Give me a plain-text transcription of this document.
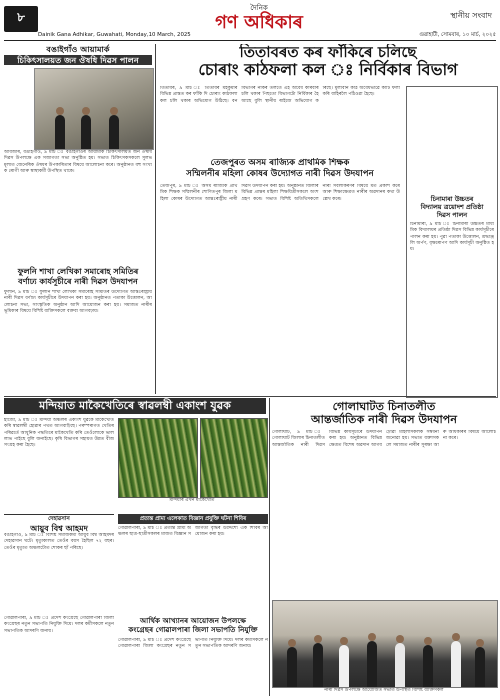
৮
দৈনিক
গণ অধিকাৰ	স্থানীয় সংবাদ
Dainik Gana Adhikar, Guwahati, Monday,10 March, 2025	গুৱাহাটী, সোমবাৰ, ১০ মাৰ্চ, ২০২৫
বঙাইগাঁও আয়ামাৰ্ক
চিকিৎসালয়ত জন ঔষধি দিৱস পালন
আবজাৰ, বঙাইগাঁও, ৯ মাৰ্চ ঃ বঙাইগাঁওৰ আয়ামাৰ্ক চিকিৎসালয়ত জন ঔষধি দিৱস উপলক্ষে এক সজাগতা সভা অনুষ্ঠিত হয়। সভাত চিকিৎসকসকলে সুলভ মূল্যত জেনেৰিক ঔষধৰ উপকাৰিতাৰ বিষয়ে আলোচনা কৰে। অনুষ্ঠানত বহু সংখ্যক ৰোগী আৰু স্বাস্থ্যকৰ্মী উপস্থিত থাকে।
ফুলনি শাখা লেখিকা সমাৰোহ সমিতিৰ
বৰ্ণাঢ্য কাৰ্যসূচীৰে নাৰী দিৱস উদযাপন
ফুলনি, ৯ মাৰ্চ ঃ ফুলনি শাখা লেখিকা সমাৰোহ সমিতিৰ উদ্যোগত আন্তঃৰাষ্ট্ৰীয় নাৰী দিৱস বৰ্ণাঢ্য কাৰ্যসূচীৰে উদযাপন কৰা হয়। অনুষ্ঠানত পতাকা উত্তোলন, আলোচনা সভা, সাংস্কৃতিক অনুষ্ঠান আদি আয়োজন কৰা হয়। সমাজত নাৰীৰ ভূমিকাৰ বিষয়ে বিশিষ্ট ব্যক্তিসকলে বক্তব্য আগবঢ়ায়।
তিতাবৰত কৰ ফাঁকিৰে চলিছে
চোৰাং কাঠফলা কল ঃ নিৰ্বিকাৰ বিভাগ
তিতাবৰ, ৯ মাৰ্চ ঃ তিতাবৰ মহকুমাৰ বিভিন্ন প্ৰান্তত কৰ ফাঁকি দি চোৰাং কাঠফলা কল চলি থকাৰ অভিযোগ উঠিছে। বন বিভাগৰ নাকৰ তলতে এই অবৈধ কাৰবাৰ চলি থকাৰ পিছতো বিভাগটো নিৰ্বিকাৰ হৈ আছে বুলি স্থানীয় ৰাইজে অভিযোগ কৰিছে। মূল্যবান কাঠ অবৈধভাৱে কাটি ফলা কৰি বাহিৰলৈ পঠিওৱা হৈছে।
তেজপুৰত অসম ৰাজ্যিক প্ৰাথমিক শিক্ষক
সম্মিলনীৰ মহিলা কোষৰ উদ্যোগত নাৰী দিৱস উদযাপন
তেজপুৰ, ৯ মাৰ্চ ঃ অসম ৰাজ্যিক প্ৰাথমিক শিক্ষক সম্মিলনীৰ শোণিতপুৰ জিলা মহিলা কোষৰ উদ্যোগত আন্তঃৰাষ্ট্ৰীয় নাৰী দিৱস উদযাপন কৰা হয়। অনুষ্ঠানত জিলাৰ বিভিন্ন প্ৰান্তৰ মহিলা শিক্ষয়িত্ৰীসকলে অংশগ্ৰহণ কৰে। সভাত বিশিষ্ট অতিথিসকলে নাৰী সবলীকৰণৰ বিষয়ে মত প্ৰকাশ কৰে আৰু শিক্ষাক্ষেত্ৰত নাৰীৰ অৱদানৰ কথা উল্লেখ কৰে।	চিনামাৰা উচ্চতৰ
বিদ্যালয় ত্ৰয়োদশ প্ৰতিষ্ঠা
দিৱস পালন
চিনামাৰা, ৯ মাৰ্চ ঃ চিনামাৰা উচ্চতৰ মাধ্যমিক বিদ্যালয়ৰ প্ৰতিষ্ঠা দিৱস বিভিন্ন কাৰ্যসূচীৰে পালন কৰা হয়। পুৱা পতাকা উত্তোলন, শ্ৰদ্ধাঞ্জলি অৰ্পণ, বৃক্ষৰোপণ আদি কাৰ্যসূচী অনুষ্ঠিত হয়।
মন্দিয়াত মাকৈখেতিৰে স্বাৱলম্বী একাংশ যুৱক
হাজো, ৯ মাৰ্চ ঃ মন্দিয়া অঞ্চলৰ একাংশ যুৱকে মাকৈখেতি কৰি স্বাৱলম্বী হোৱাৰ পথত আগবাঢ়িছে। পৰম্পৰাগত খেতিৰ পৰিৱৰ্তে আধুনিক পদ্ধতিৰে মাকৈখেতি কৰি তেওঁলোকে ভাল লাভ পাইছে বুলি জনাইছে। কৃষি বিভাগৰ সহায়ত উন্নত বীজ সংগ্ৰহ কৰা হৈছে।
মন্দিয়াৰ এখন মাকৈখেতি
দেহাৱসান
আয়ুব বিশ্ব আহমদ
বঙাইগাঁও, ৯ মাৰ্চ ঃ বিশিষ্ট সমাজকৰ্মী আয়ুব বিশ্ব আহমদৰ দেহাৱসান ঘটে। মৃত্যুকালত তেওঁৰ বয়স হৈছিল ৭২ বছৰ। তেওঁৰ মৃত্যুত অঞ্চলটোত শোকৰ ছাঁ পৰিছে।
প্ৰত্যন্ত প্ৰাম্য এলেকাত বিজ্ঞান প্ৰযুক্তি ঘটনা শিবিৰ
গোৱালপাৰা, ৯ মাৰ্চ ঃ প্ৰত্যন্ত গ্ৰাম্য অঞ্চলৰ ছাত্ৰ-ছাত্ৰীসকলৰ মাজত বিজ্ঞান সজাগতা বৃদ্ধিৰ উদ্দেশ্যে এক শিবিৰ আয়োজন কৰা হয়।
আৰ্থিক আখ্যানৰ আয়োজন উপলক্ষে
কংগ্ৰেছৰ গোৱালপাৰা জিলা সভাপতি নিযুক্তি
গোৱালপাৰা, ৯ মাৰ্চ ঃ প্ৰদেশ কংগ্ৰেছে গোৱালপাৰা জিলা কংগ্ৰেছৰ নতুন সভাপতি নিযুক্তি দিয়ে। দলৰ কৰ্মীসকলে নতুন সভাপতিক আদৰণি জনায়।
গোৱালপাৰা, ৯ মাৰ্চ ঃ প্ৰদেশ কংগ্ৰেছে গোৱালপাৰা জিলা কংগ্ৰেছৰ নতুন সভাপতি নিযুক্তি দিয়ে। দলৰ কৰ্মীসকলে নতুন সভাপতিক আদৰণি জনায়।
গোলাঘাটত চিনাতলীত
আন্তৰ্জাতিক নাৰী দিৱস উদযাপন
গোলাঘাট, ৯ মাৰ্চ ঃ গোলাঘাট জিলাৰ চিনাতলীত আন্তৰ্জাতিক নাৰী দিৱস বিভিন্ন কাৰ্যসূচীৰে উদযাপন কৰা হয়। অনুষ্ঠানত বিভিন্ন ক্ষেত্ৰত বিশেষ অৱদান আগবঢ়োৱা মহিলাসকলক সম্বৰ্ধনা জনোৱা হয়। সভাত বক্তাসকলে সমাজত নাৰীৰ সুৰক্ষা আৰু অধিকাৰৰ বিষয়ে আলোচনা কৰে।
নাৰী দিৱস উপলক্ষে আয়োজিত সভাত উপস্থিত বিশিষ্ট ব্যক্তিসকল
